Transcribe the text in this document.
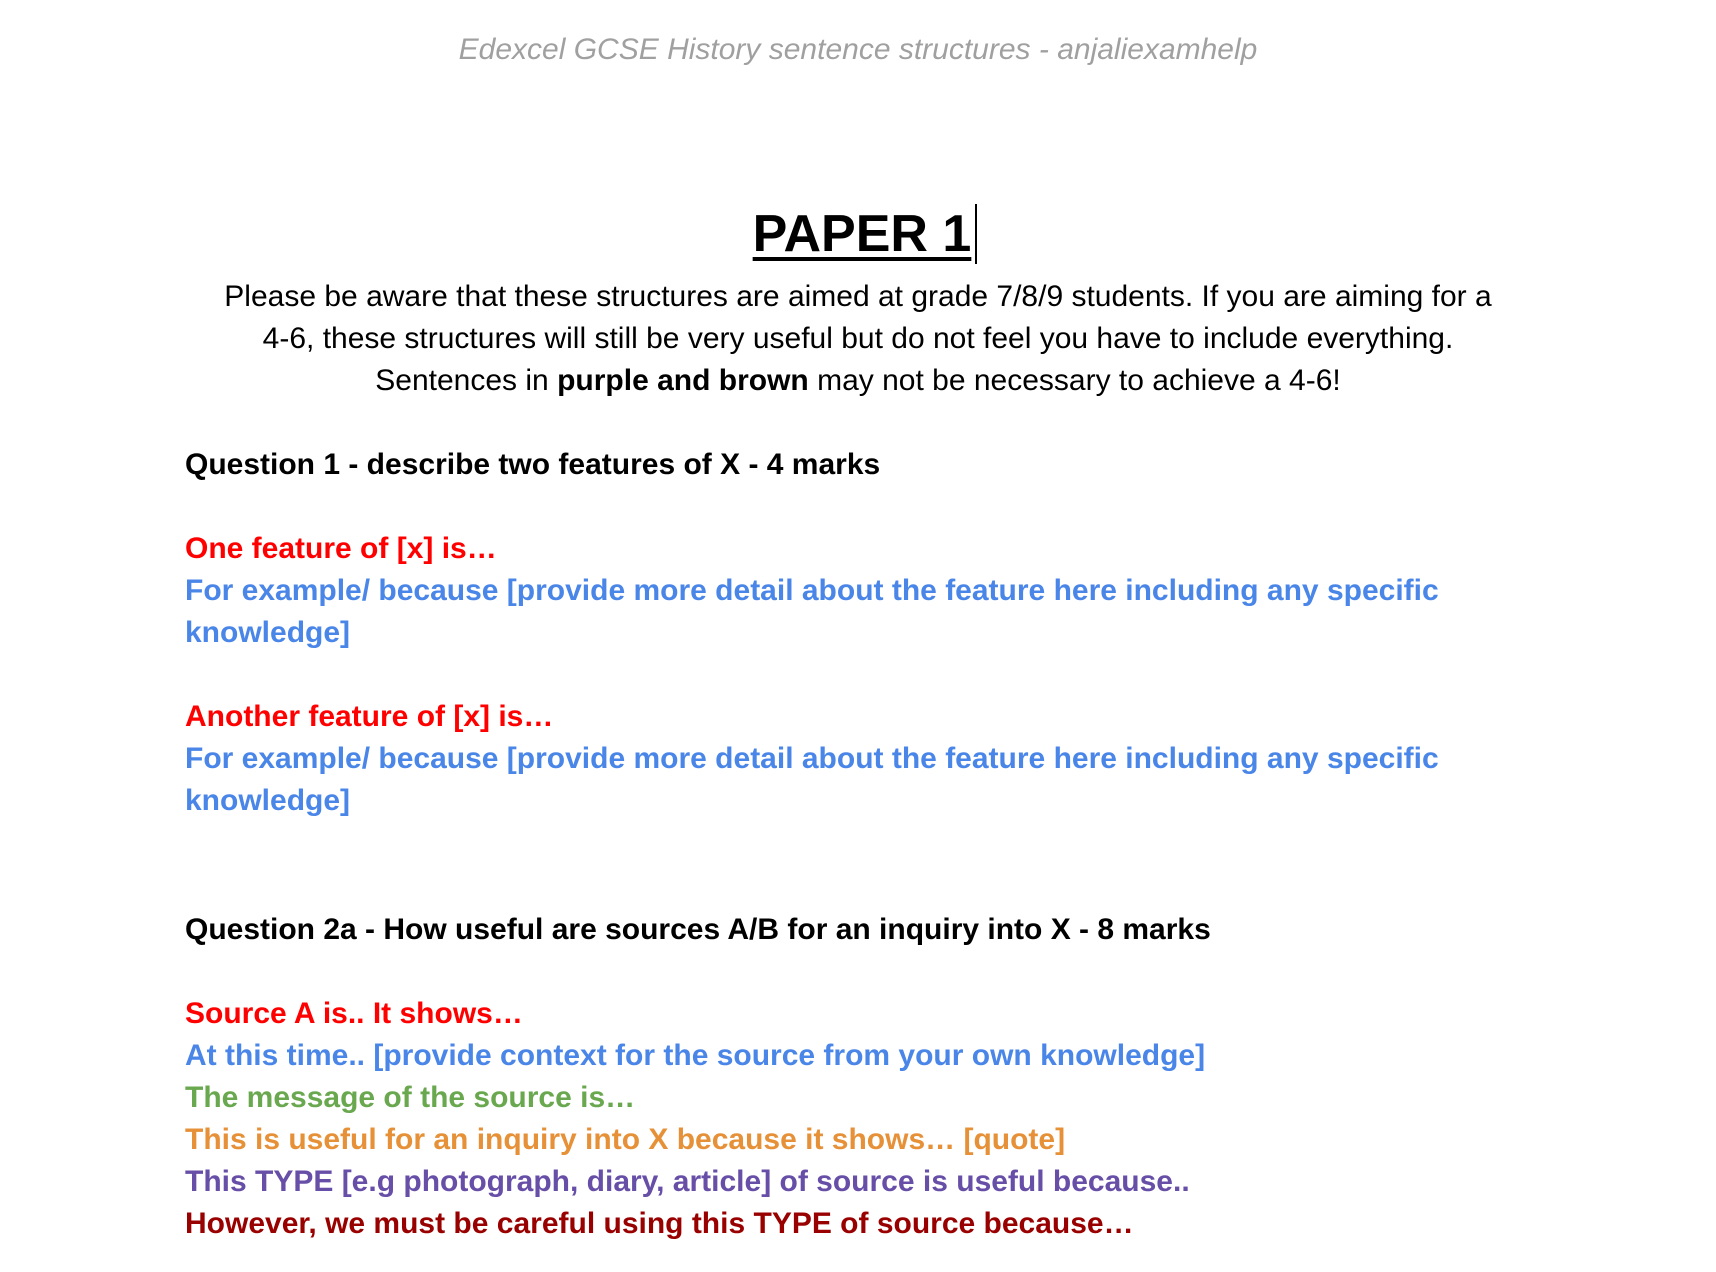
Edexcel GCSE History sentence structures - anjaliexamhelp
PAPER 1
Please be aware that these structures are aimed at grade 7/8/9 students. If you are aiming for a
4-6, these structures will still be very useful but do not feel you have to include everything.
Sentences in purple and brown may not be necessary to achieve a 4-6!
Question 1 - describe two features of X - 4 marks
One feature of [x] is…
For example/ because [provide more detail about the feature here including any specific knowledge]
Another feature of [x] is…
For example/ because [provide more detail about the feature here including any specific knowledge]
Question 2a - How useful are sources A/B for an inquiry into X - 8 marks
Source A is.. It shows…
At this time.. [provide context for the source from your own knowledge]
The message of the source is…
This is useful for an inquiry into X because it shows… [quote]
This TYPE [e.g photograph, diary, article] of source is useful because..
However, we must be careful using this TYPE of source because…
